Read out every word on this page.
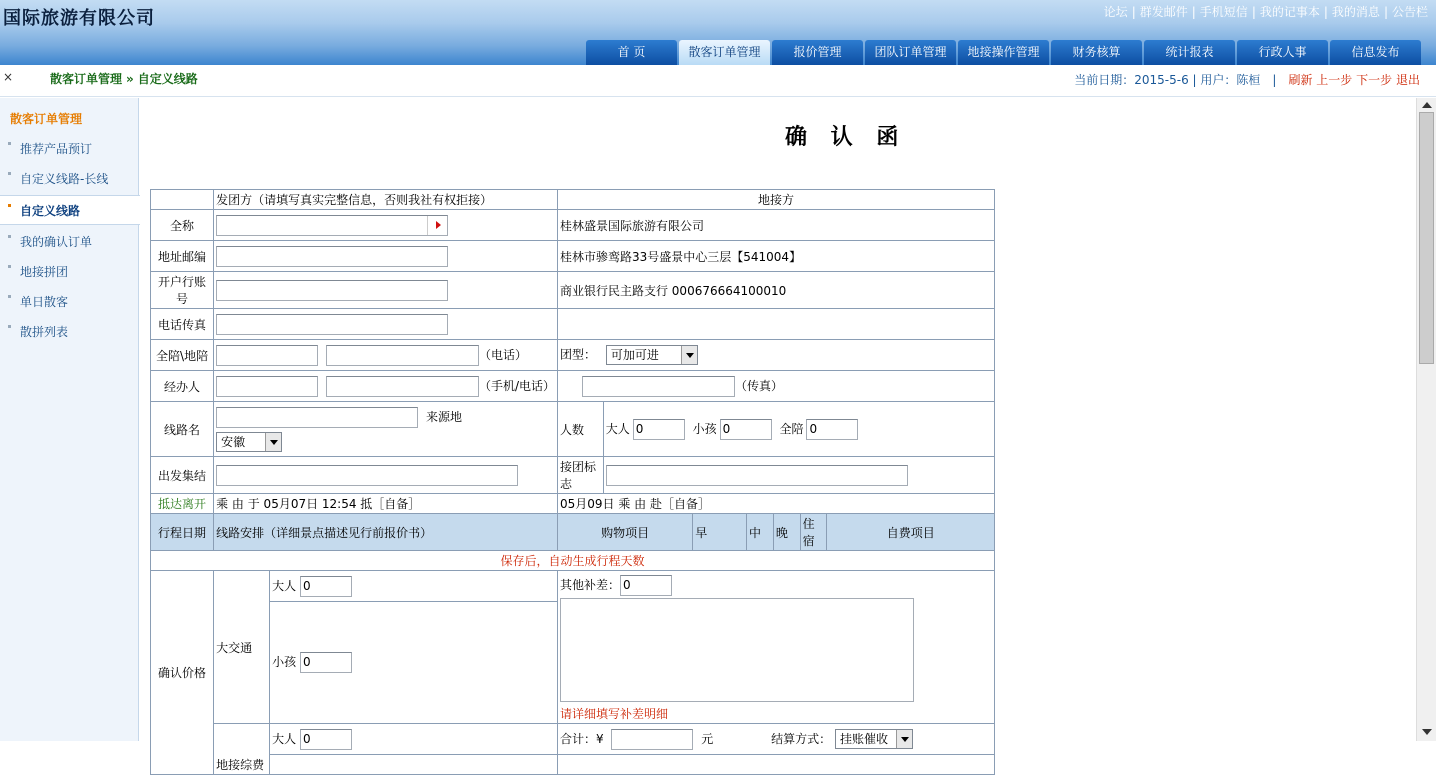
国际旅游有限公司	论坛 | 群发邮件 | 手机短信 | 我的记事本 | 我的消息 | 公告栏
首 页	散客订单管理	报价管理	团队订单管理	地接操作管理	财务核算	统计报表	行政人事	信息发布
×	散客订单管理 » 自定义线路	当前日期：2015-5-6 | 用户：陈桓 | 刷新 上一步 下一步 退出
散客订单管理
推荐产品预订
自定义线路-长线
自定义线路
我的确认订单
地接拼团
单日散客
散拼列表
确 认 函
	发团方（请填写真实完整信息，否则我社有权拒接）		地接方						
全称			桂林盛景国际旅游有限公司						
地址邮编			桂林市骖鸾路33号盛景中心三层【541004】						
开户行账号			商业银行民主路支行 000676664100010						
电话传真									
全陪\地陪	（电话）		团型： 可加可进						

经办人	（手机/电话）		（传真）						
线路名	来源地
安徽		人数	大人 0 小孩 0 全陪 0					
出发集结			接团标志						
抵达离开	乘 由 于 05月07日 12:54 抵［自备］		05月09日 乘 由 赴［自备］						
行程日期	线路安排（详细景点描述见行前报价书）		购物项目		早	中	晚	住宿	自费项目
保存后，自动生成行程天数									
确认价格	大交通	大人 0	其他补差： 0
请详细填写补差明细						

		小孩 0							
	地接综费	大人 0	合计：¥ 元 结算方式： 挂账催收						
